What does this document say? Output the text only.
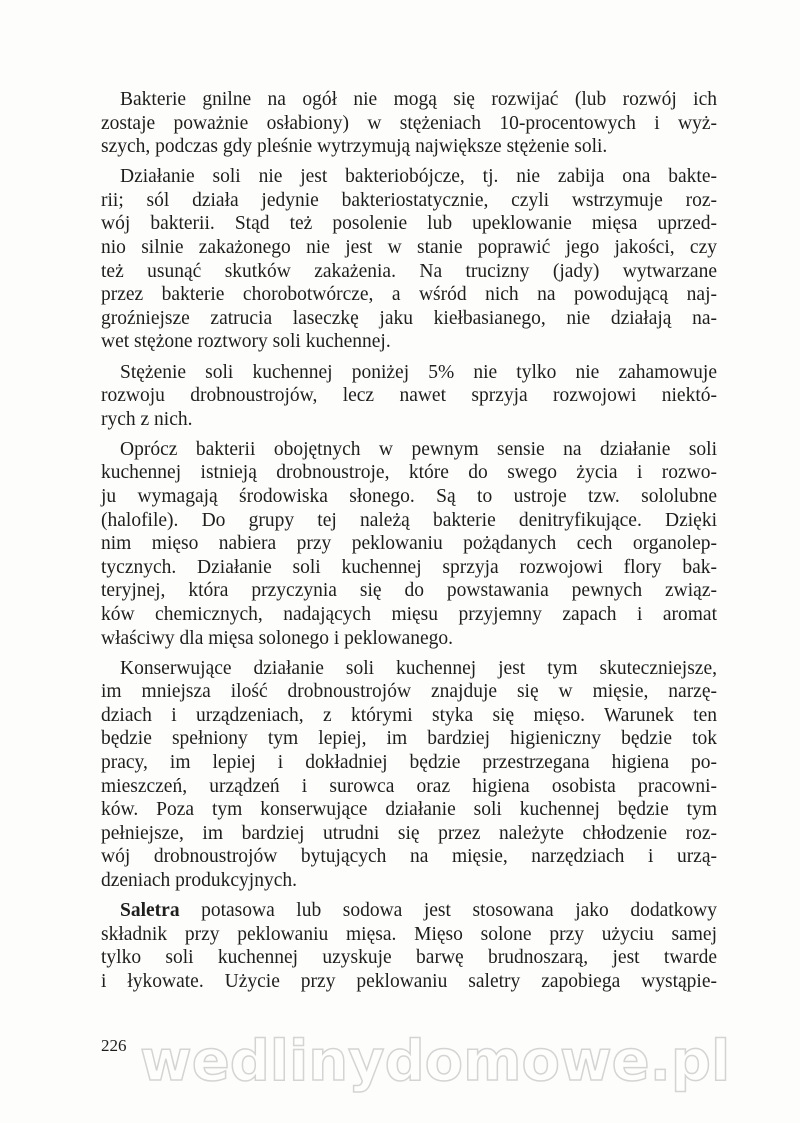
Bakterie gnilne na ogół nie mogą się rozwijać (lub rozwój ich
zostaje poważnie osłabiony) w stężeniach 10-procentowych i wyż-
szych, podczas gdy pleśnie wytrzymują największe stężenie soli.
Działanie soli nie jest bakteriobójcze, tj. nie zabija ona bakte-
rii; sól działa jedynie bakteriostatycznie, czyli wstrzymuje roz-
wój bakterii. Stąd też posolenie lub upeklowanie mięsa uprzed-
nio silnie zakażonego nie jest w stanie poprawić jego jakości, czy
też usunąć skutków zakażenia. Na trucizny (jady) wytwarzane
przez bakterie chorobotwórcze, a wśród nich na powodującą naj-
groźniejsze zatrucia laseczkę jaku kiełbasianego, nie działają na-
wet stężone roztwory soli kuchennej.
Stężenie soli kuchennej poniżej 5% nie tylko nie zahamowuje
rozwoju drobnoustrojów, lecz nawet sprzyja rozwojowi niektó-
rych z nich.
Oprócz bakterii obojętnych w pewnym sensie na działanie soli
kuchennej istnieją drobnoustroje, które do swego życia i rozwo-
ju wymagają środowiska słonego. Są to ustroje tzw. sololubne
(halofile). Do grupy tej należą bakterie denitryfikujące. Dzięki
nim mięso nabiera przy peklowaniu pożądanych cech organolep-
tycznych. Działanie soli kuchennej sprzyja rozwojowi flory bak-
teryjnej, która przyczynia się do powstawania pewnych związ-
ków chemicznych, nadających mięsu przyjemny zapach i aromat
właściwy dla mięsa solonego i peklowanego.
Konserwujące działanie soli kuchennej jest tym skuteczniejsze,
im mniejsza ilość drobnoustrojów znajduje się w mięsie, narzę-
dziach i urządzeniach, z którymi styka się mięso. Warunek ten
będzie spełniony tym lepiej, im bardziej higieniczny będzie tok
pracy, im lepiej i dokładniej będzie przestrzegana higiena po-
mieszczeń, urządzeń i surowca oraz higiena osobista pracowni-
ków. Poza tym konserwujące działanie soli kuchennej będzie tym
pełniejsze, im bardziej utrudni się przez należyte chłodzenie roz-
wój drobnoustrojów bytujących na mięsie, narzędziach i urzą-
dzeniach produkcyjnych.
Saletra potasowa lub sodowa jest stosowana jako dodatkowy
składnik przy peklowaniu mięsa. Mięso solone przy użyciu samej
tylko soli kuchennej uzyskuje barwę brudnoszarą, jest twarde
i łykowate. Użycie przy peklowaniu saletry zapobiega wystąpie-
226 wedlinydomowe.pl
